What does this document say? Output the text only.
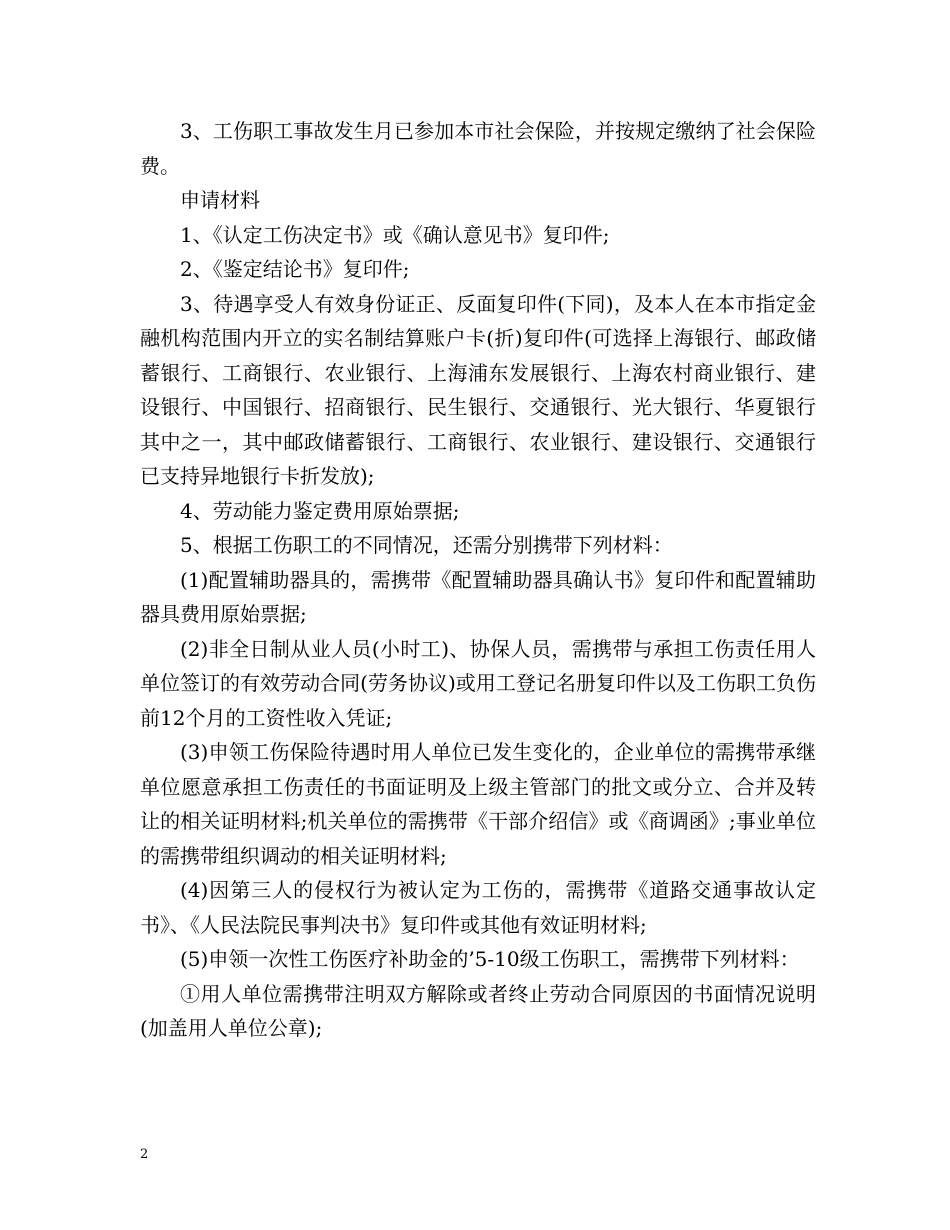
3、工伤职工事故发生月已参加本市社会保险，并按规定缴纳了社会保险费。

申请材料

1、《认定工伤决定书》或《确认意见书》复印件;

2、《鉴定结论书》复印件;

3、待遇享受人有效身份证正、反面复印件(下同)，及本人在本市指定金融机构范围内开立的实名制结算账户卡(折)复印件(可选择上海银行、邮政储蓄银行、工商银行、农业银行、上海浦东发展银行、上海农村商业银行、建设银行、中国银行、招商银行、民生银行、交通银行、光大银行、华夏银行其中之一，其中邮政储蓄银行、工商银行、农业银行、建设银行、交通银行已支持异地银行卡折发放);

4、劳动能力鉴定费用原始票据;

5、根据工伤职工的不同情况，还需分别携带下列材料：

(1)配置辅助器具的，需携带《配置辅助器具确认书》复印件和配置辅助器具费用原始票据;

(2)非全日制从业人员(小时工)、协保人员，需携带与承担工伤责任用人单位签订的有效劳动合同(劳务协议)或用工登记名册复印件以及工伤职工负伤前12个月的工资性收入凭证;

(3)申领工伤保险待遇时用人单位已发生变化的，企业单位的需携带承继单位愿意承担工伤责任的书面证明及上级主管部门的批文或分立、合并及转让的相关证明材料;机关单位的需携带《干部介绍信》或《商调函》;事业单位的需携带组织调动的相关证明材料;

(4)因第三人的侵权行为被认定为工伤的，需携带《道路交通事故认定书》、《人民法院民事判决书》复印件或其他有效证明材料;

(5)申领一次性工伤医疗补助金的’5-10级工伤职工，需携带下列材料：

①用人单位需携带注明双方解除或者终止劳动合同原因的书面情况说明(加盖用人单位公章);

2
